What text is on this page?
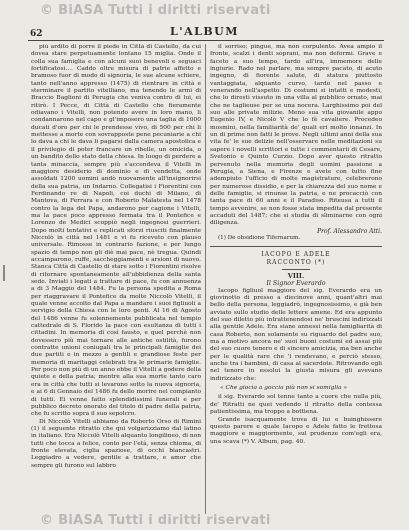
© BiASA Tutti i diritti riservati
62	L'ALBUM

più ardito di porre il piede in Città di Castello, da cui dovea stare perpetuamente lontano 15 miglia. Onde il colla sua famiglia e con alcuni suoi benevoli e seguaci fortificatosi.... Caddo oltre misura di patrie affetto e bramoso fuor di modo di signoria, le sue alcune schiere, tanto nell'anno appresso (1475) di rientrare in città e sterminare il partito vitelliano, ma tenendo le armi di Braccio Baglioni di Perugia che veniva contro di lui, ei ritirò. I Pecce, di Città di Castello che fieramente odiavano i Vitelli, non potendo avere in loro mano, li condannarono nel capo e gl'imposero una taglia di 1000 ducati d'oro per chi le prendesse vivo, di 500 per chi li mettesse a morte con sovrapposte pene pecuniarie a chi lo dava a chi le dava li pagarsi dalla camera apostolica e il privilegio di poter francare un ribelle, un omicida, o un bandito dello stato della chiesa. In luogo di perdere a tanta minaccia, sempre più s'accendeva il Vitelli in maggiore desiderio di dominio e di vendetta, onde assoldati 1200 uomini andò nuovamente all'insignorirsi della sua patria, un Indarno. Collegatisi i Fiorentini con Ferdinando re di Napoli, coi duchi di Milano, di Mantova, di Ferrara e con Roberto Malatesta nel 1478 contro la lega del Papa, andarono per cagione i Vitelli, ma la pace poco appresso fermata tra il Pontefice e Lorenzo de Medici scoppiò negli ingegnosi guerrieri. Dopo molti tentativi e replicati sforzi riusciti finalmente Niccolò in città nel 1481 e vi fu ricevuto con plauso universale. Rimosse in contrario fazione, e per lungo spazio di tempo non gli diè mai pace, nè tregua. Quindi accamparono, ruffe, saccheggiamenti e arsioni di nuovo. Stanca Città di Castello di stare sotto i Fiorentini risolve di ritornare spontaneamente all'ubbidienza della santa sede. Inviati i legati a trattare di pace, fu con annuenza a di 3 Maggio del 1484. Fu la persona spedita a Roma per riaggravare il Pontefice da molte Niccolò Vitelli, il quale venne accolto dal Papa a mandare i suoi figliuoli a servigio della Chiesa con le loro genti. Al 16 di Agosto del 1486 venne fu solennemente pubblicata nel tempio cattedrale di S. Florido la pace con esultanza di tutti i cittadini. In memoria di così fausto, e quel perchè non dovessero più mai tornare alle antiche ostilità, furono contratte unioni coniugali tra le principali famiglie dei due partiti e in mezzo a gentili e grandiose feste per memoria di maritaggi celebrati tra le primarie famiglie. Per poco non più di un anno ebbe il Vitelli a godere della quiete e della patria; mentre alla sua morte tanto caro era in città che tutti si levarono sotto la nuova signoria, e ai 6 di Gennaio del 1486 fu dello morire nel compianto di tutti. Ei venne fatto splendidissimi funerali e per pubblico decreto onorato del titolo di padre della patria, che fu scritto sopra il suo sepolcro.

Di Niccolò Vitelli abbiamo da Roberto Orso di Rimini (1) il seguente ritratto che qui volgarizziamo dal latino in italiano. Era Niccolò Vitelli alquanto longilineo, di non tutti che tocca a felice, conto per l'età, senza chioma, di fronte elevata, ciglia spaziose, di occhi biancastri. Leggiadro a vedere, gentile a trattare, e amor che sempre gli furono sul labbro

il sorriso; pingue, ma non corpulento. Avea ampio il fronte, scalzi i denti soprani, ma non deformi. Grave e faceto a suo tempo, tardo all'ira, immemore delle ingiurie. Rado nel parlare, ma sempre pacato, di acuto ingegno, di fiorente salute, di statura piuttosto vantaggiata, alquanto curvo, tardo nel passo e venerando nell'aspetto. Di costumi si intatti e modesti, che lo diresti vissuto in una villa al pubblico ornato, mai che ne taglieuse per se una nocera. Larghissimo poi del suo alle private milizie. Meno sua vita giovanile appo Eugenio IV, e Nicolò V che lo fè cavaliere. Procedeo mosmini, nella familiarità de' quali eri molto innanzi. In un di prime non fatti le prove. Negli ultimi anni della sua vita fe' le sue delizie nell'osservare nelle meditazioni su sapere i novelli scrittori e tutte i commentarii di Cesare, Svetonio e Quinto Curzio. Dopo aver questo ritratto pervenuto nella memoria degli uomini passione a Perugia, a Siena, e Firenze e avete con tutto fine adempiuto l'ufficio di molte magistrature, celebrerono per numerose dissidio, e per la chiarezza del suo nome e delle famiglie, si rinunse la patria, e ne procacciò con tanta pace di 60 anni e il Paradiso. Riteusa a tutti il tempo avvenire, se non fosse stata impedita dal presente accaduti del 1487; che si studia di sliminarne con ogni diligenza.

Prof. Alessandro Atti.

(1) De obsidione Tifernarum.

IACOPO E ADELE

RACCONTO (*)

VIII.

Il Signor Everardo

Iacopo figliuol maggiore del sig. Everardo era un giovinotto di presso a diecinove anni, quant'altri mai bello della persona, leggiadrò, ingegnosissimo, e già ben avviato sullo studio delle lettere amene. Ed era appunto del suo diletto più intrattenendosi ne' bruscini indirizzati alla gentile Adele. Era siane annessi nella famigliarità di casa Roberto, non solamente su riguardo del padre suo, ma a motivo ancora ne' suoi buoni costumi ed assai più del suo cuore tenero e di sincero amicizia, ma ben anche per le qualità rare che 'l rendevano, e perciò stesso, anche tra i bambini, di casa al sacerdote. Ritrovando egli nel tenore in essolui la giusta misura gli avevano indirizzato che:

« Che giocia a goccia più non si somiglia »

il sig. Everardo sol tenne tanto a cuore che nulla più, de' Ritratti ne quei vedendo il ritratto della contessa patientissima, ma troppo a bottiena.

Grande isacquamente trova di lui e buinghissere questo parere e quale Iacopo e Adele fatto le frettosa maggiore e maggiormente, sul prudenze com'egli era, una scava (*) V. Album, pag. 40.

© BiASA Tutti i diritti riservati
